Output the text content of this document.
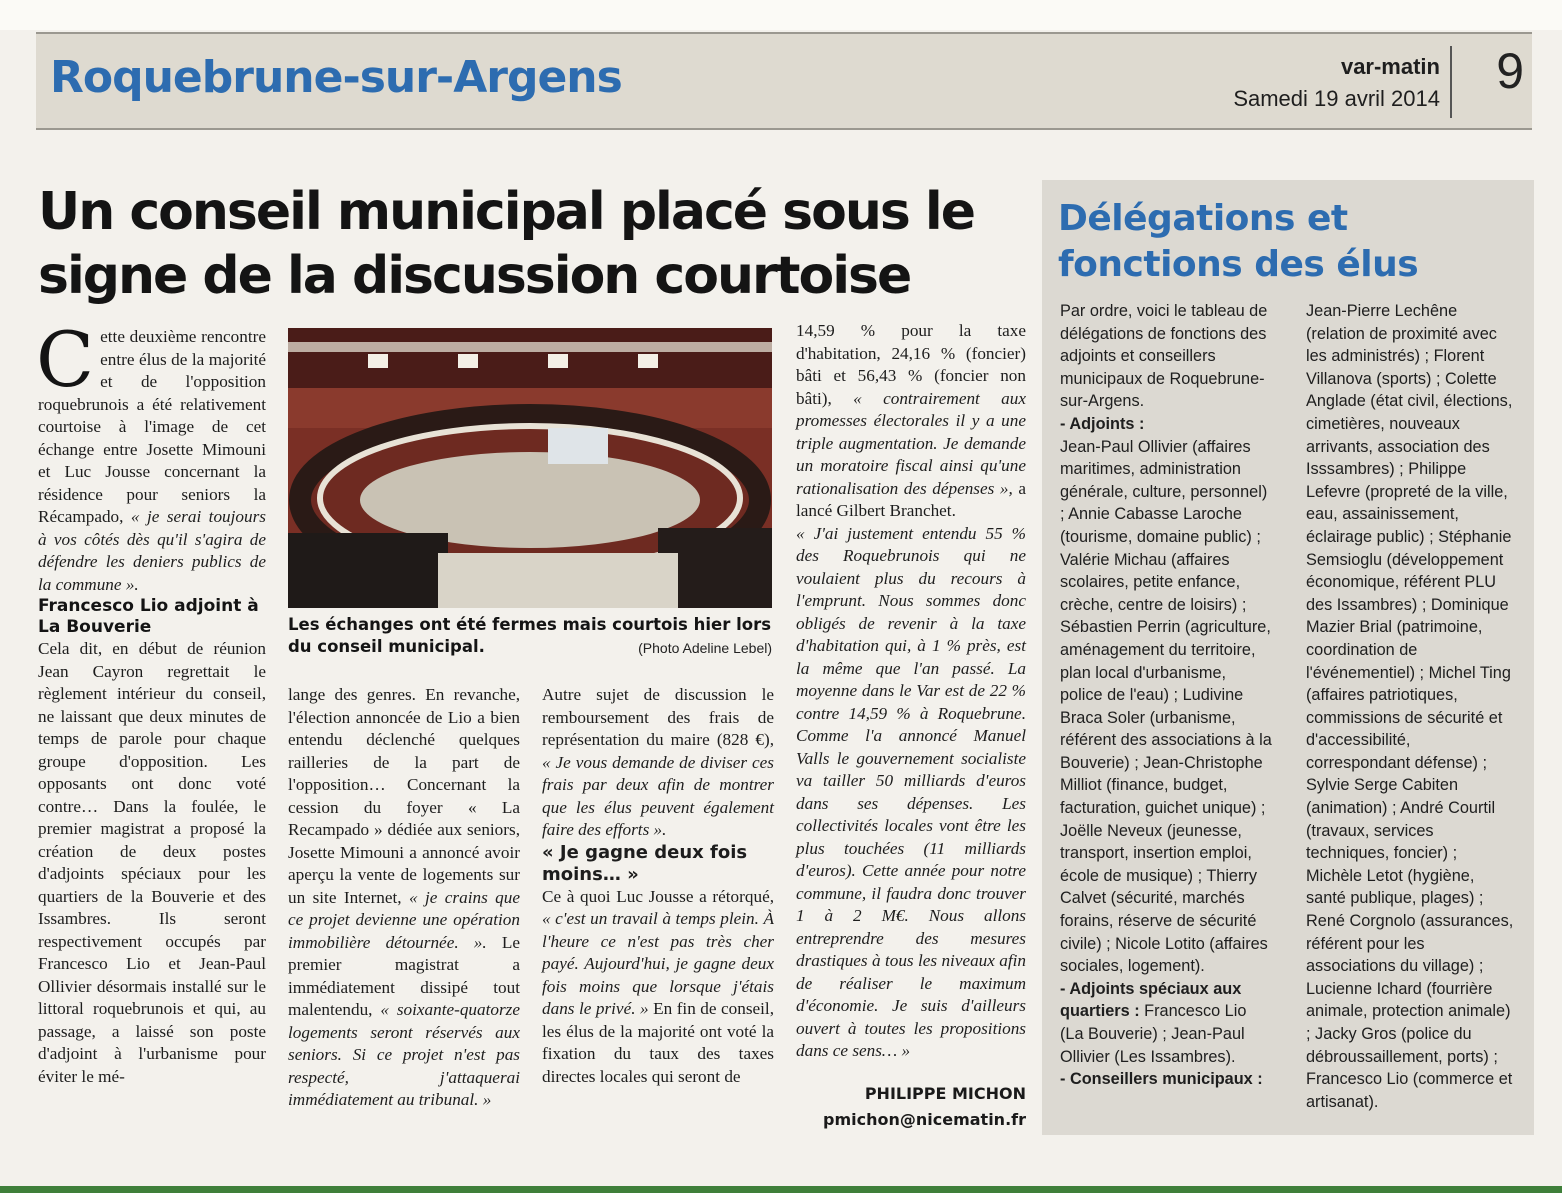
Roquebrune-sur-Argens	var-matin

Samedi 19 avril 2014 9

Un conseil municipal placé sous le signe de la discussion courtoise

Cette deuxième rencontre entre élus de la majorité et de l'opposition roquebrunois a été relativement courtoise à l'image de cet échange entre Josette Mimouni et Luc Jousse concernant la résidence pour seniors la Récampado, « je serai toujours à vos côtés dès qu'il s'agira de défendre les deniers publics de la commune ».

Francesco Lio adjoint à La Bouverie

Cela dit, en début de réunion Jean Cayron regrettait le règlement intérieur du conseil, ne laissant que deux minutes de temps de parole pour chaque groupe d'opposition. Les opposants ont donc voté contre… Dans la foulée, le premier magistrat a proposé la création de deux postes d'adjoints spéciaux pour les quartiers de la Bouverie et des Issambres. Ils seront respectivement occupés par Francesco Lio et Jean-Paul Ollivier désormais installé sur le littoral roquebrunois et qui, au passage, a laissé son poste d'adjoint à l'urbanisme pour éviter le mé-

Les échanges ont été fermes mais courtois hier lors du conseil municipal.	(Photo Adeline Lebel)

lange des genres. En revanche, l'élection annoncée de Lio a bien entendu déclenché quelques railleries de la part de l'opposition… Concernant la cession du foyer « La Recampado » dédiée aux seniors, Josette Mimouni a annoncé avoir aperçu la vente de logements sur un site Internet, « je crains que ce projet devienne une opération immobilière détournée. ». Le premier magistrat a immédiatement dissipé tout malentendu, « soixante-quatorze logements seront réservés aux seniors. Si ce projet n'est pas respecté, j'attaquerai immédiatement au tribunal. »

Autre sujet de discussion le remboursement des frais de représentation du maire (828 €), « Je vous demande de diviser ces frais par deux afin de montrer que les élus peuvent également faire des efforts ».

« Je gagne deux fois moins… »

Ce à quoi Luc Jousse a rétorqué, « c'est un travail à temps plein. À l'heure ce n'est pas très cher payé. Aujourd'hui, je gagne deux fois moins que lorsque j'étais dans le privé. » En fin de conseil, les élus de la majorité ont voté la fixation du taux des taxes directes locales qui seront de

14,59 % pour la taxe d'habitation, 24,16 % (foncier) bâti et 56,43 % (foncier non bâti), « contrairement aux promesses électorales il y a une triple augmentation. Je demande un moratoire fiscal ainsi qu'une rationalisation des dépenses », a lancé Gilbert Branchet.

« J'ai justement entendu 55 % des Roquebrunois qui ne voulaient plus du recours à l'emprunt. Nous sommes donc obligés de revenir à la taxe d'habitation qui, à 1 % près, est la même que l'an passé. La moyenne dans le Var est de 22 % contre 14,59 % à Roquebrune. Comme l'a annoncé Manuel Valls le gouvernement socialiste va tailler 50 milliards d'euros dans ses dépenses. Les collectivités locales vont être les plus touchées (11 milliards d'euros). Cette année pour notre commune, il faudra donc trouver 1 à 2 M€. Nous allons entreprendre des mesures drastiques à tous les niveaux afin de réaliser le maximum d'économie. Je suis d'ailleurs ouvert à toutes les propositions dans ce sens… »

PHILIPPE MICHON

pmichon@nicematin.fr

Délégations et fonctions des élus

Par ordre, voici le tableau de délégations de fonctions des adjoints et conseillers municipaux de Roquebrune-sur-Argens.

- Adjoints :

Jean-Paul Ollivier (affaires maritimes, administration générale, culture, personnel) ; Annie Cabasse Laroche (tourisme, domaine public) ; Valérie Michau (affaires scolaires, petite enfance, crèche, centre de loisirs) ; Sébastien Perrin (agriculture, aménagement du territoire, plan local d'urbanisme, police de l'eau) ; Ludivine Braca Soler (urbanisme, référent des associations à la Bouverie) ; Jean-Christophe Milliot (finance, budget, facturation, guichet unique) ; Joëlle Neveux (jeunesse, transport, insertion emploi, école de musique) ; Thierry Calvet (sécurité, marchés forains, réserve de sécurité civile) ; Nicole Lotito (affaires sociales, logement).

- Adjoints spéciaux aux quartiers : Francesco Lio (La Bouverie) ; Jean-Paul Ollivier (Les Issambres).

- Conseillers municipaux :

Jean-Pierre Lechêne (relation de proximité avec les administrés) ; Florent Villanova (sports) ; Colette Anglade (état civil, élections, cimetières, nouveaux arrivants, association des Isssambres) ; Philippe Lefevre (propreté de la ville, eau, assainissement, éclairage public) ; Stéphanie Semsioglu (développement économique, référent PLU des Issambres) ; Dominique Mazier Brial (patrimoine, coordination de l'événementiel) ; Michel Ting (affaires patriotiques, commissions de sécurité et d'accessibilité, correspondant défense) ; Sylvie Serge Cabiten (animation) ; André Courtil (travaux, services techniques, foncier) ; Michèle Letot (hygiène, santé publique, plages) ; René Corgnolo (assurances, référent pour les associations du village) ; Lucienne Ichard (fourrière animale, protection animale) ; Jacky Gros (police du débroussaillement, ports) ; Francesco Lio (commerce et artisanat).
